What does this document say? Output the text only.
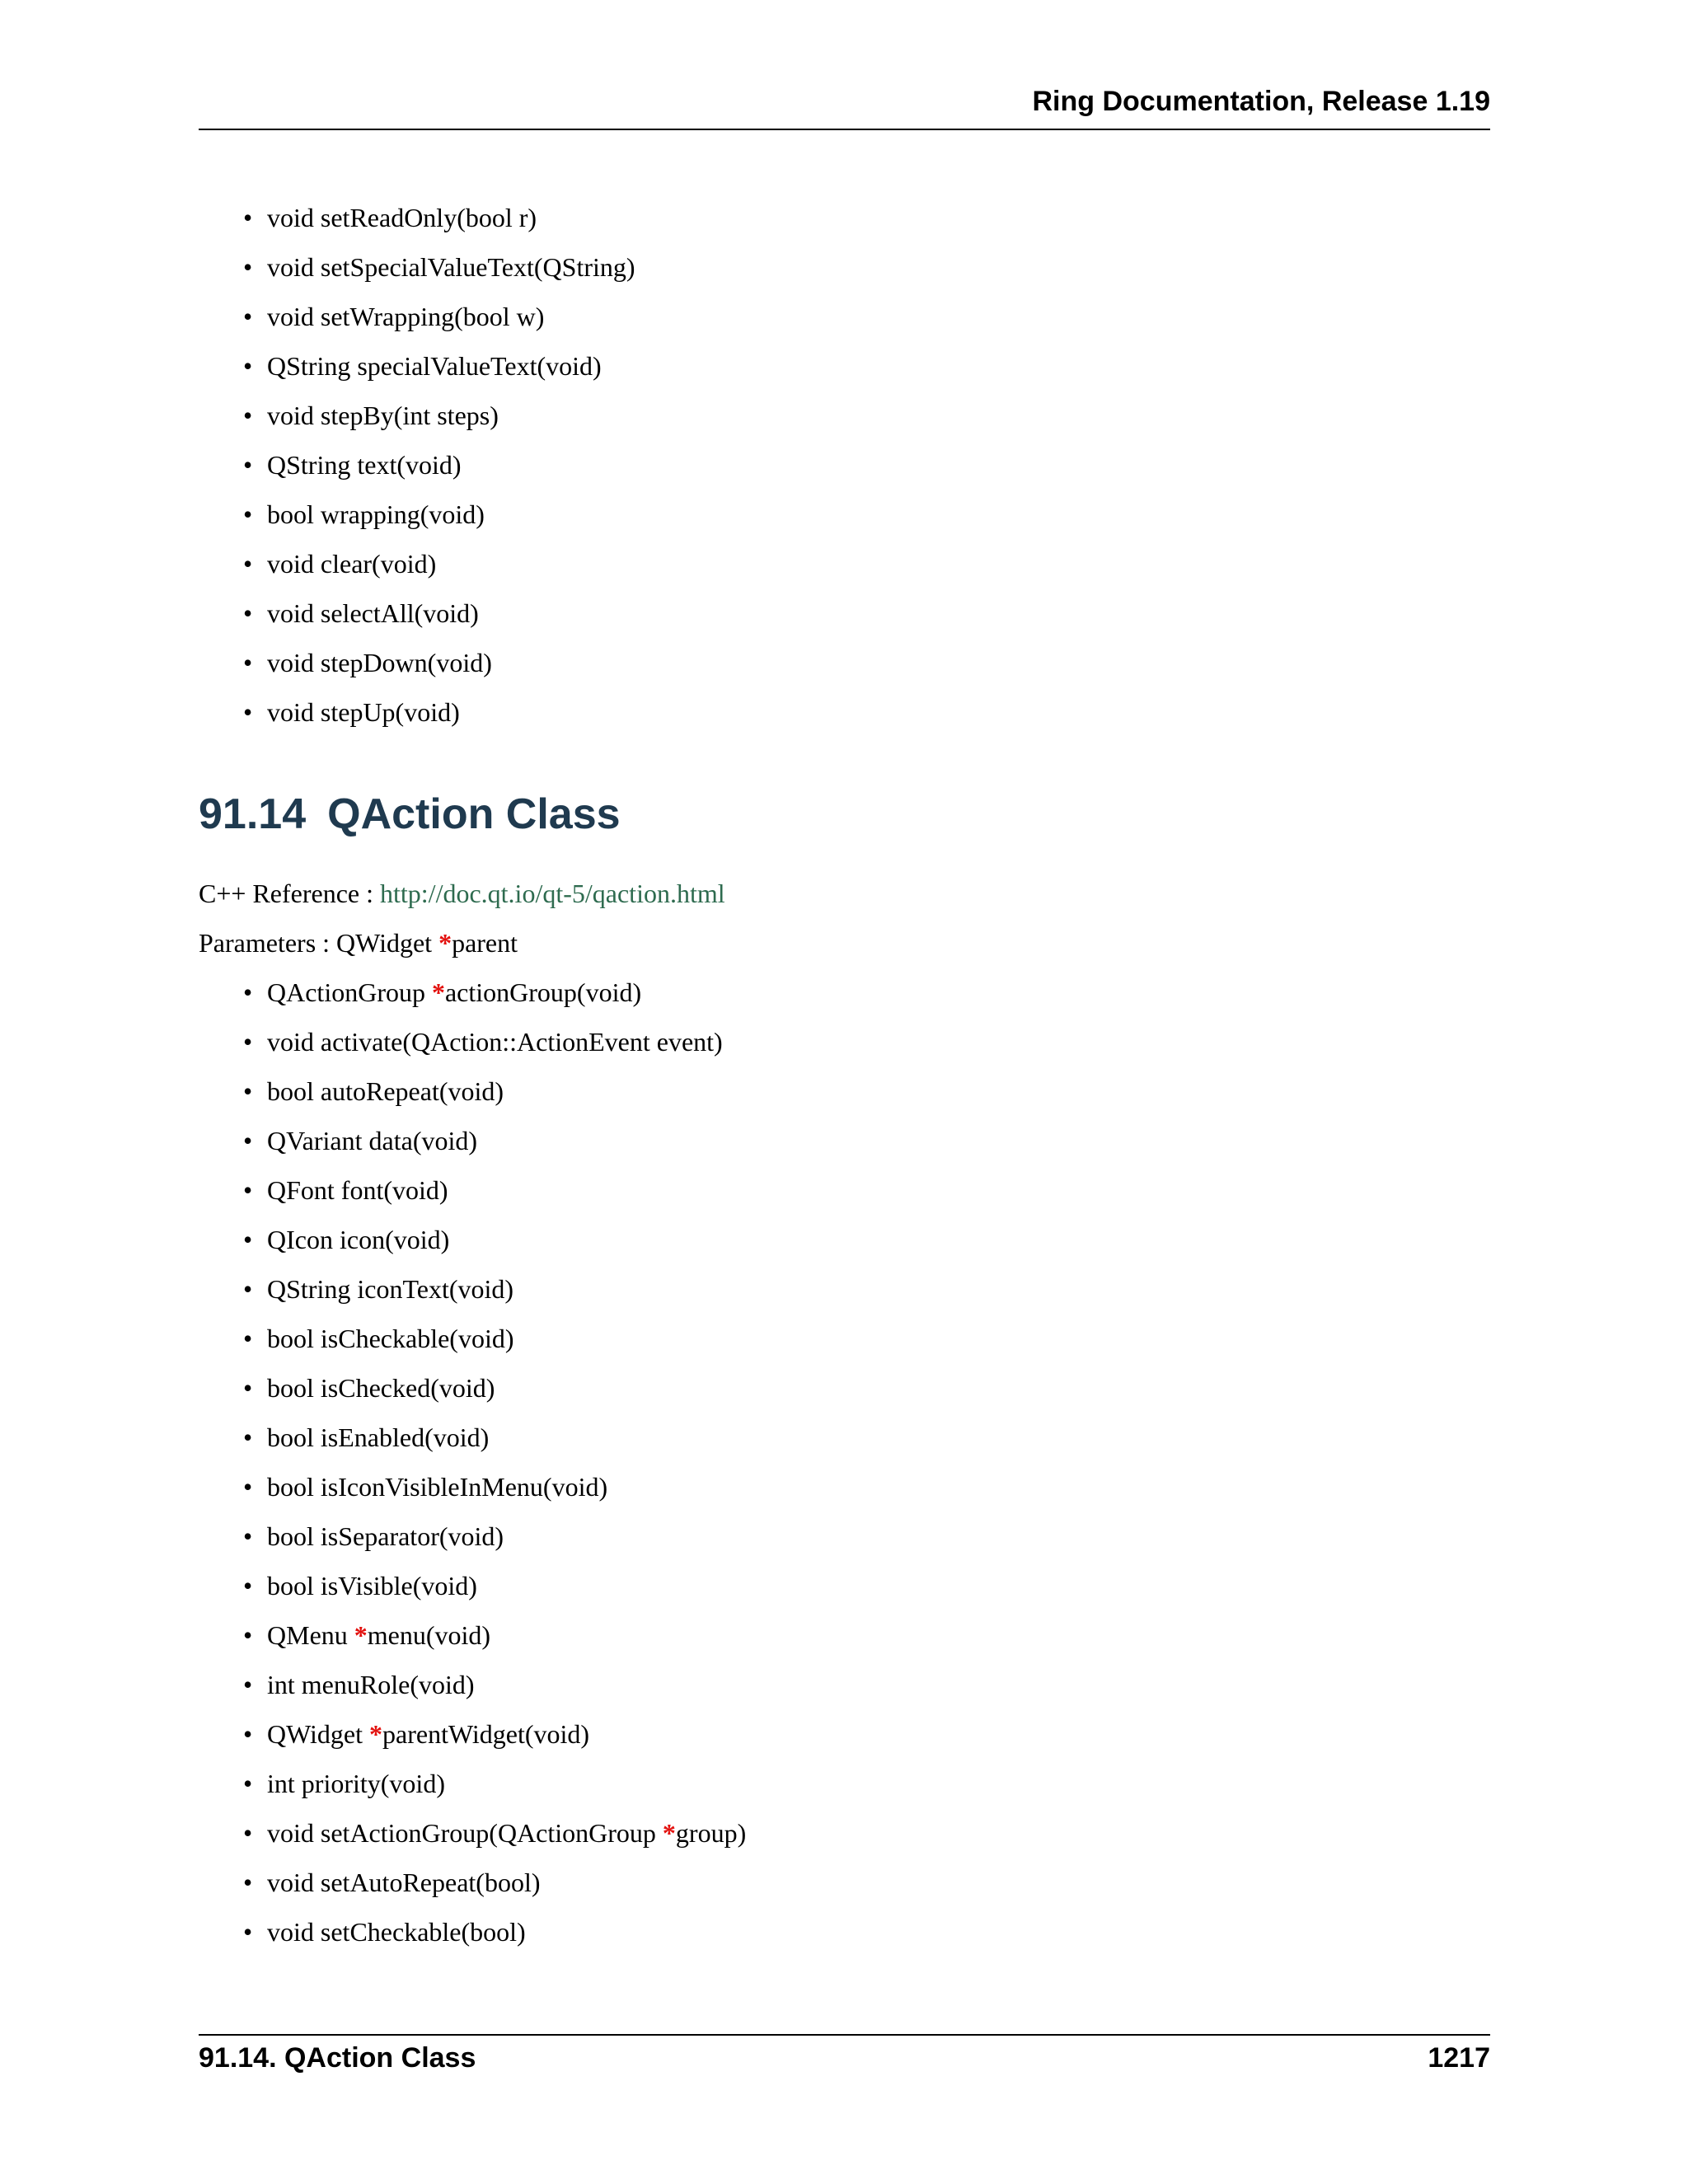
Ring Documentation, Release 1.19
• void setReadOnly(bool r)
• void setSpecialValueText(QString)
• void setWrapping(bool w)
• QString specialValueText(void)
• void stepBy(int steps)
• QString text(void)
• bool wrapping(void)
• void clear(void)
• void selectAll(void)
• void stepDown(void)
• void stepUp(void)
91.14 QAction Class

C++ Reference : http://doc.qt.io/qt-5/qaction.html

Parameters : QWidget *parent

• QActionGroup *actionGroup(void)
• void activate(QAction::ActionEvent event)
• bool autoRepeat(void)
• QVariant data(void)
• QFont font(void)
• QIcon icon(void)
• QString iconText(void)
• bool isCheckable(void)
• bool isChecked(void)
• bool isEnabled(void)
• bool isIconVisibleInMenu(void)
• bool isSeparator(void)
• bool isVisible(void)
• QMenu *menu(void)
• int menuRole(void)
• QWidget *parentWidget(void)
• int priority(void)
• void setActionGroup(QActionGroup *group)
• void setAutoRepeat(bool)
• void setCheckable(bool)
91.14. QAction Class	1217
